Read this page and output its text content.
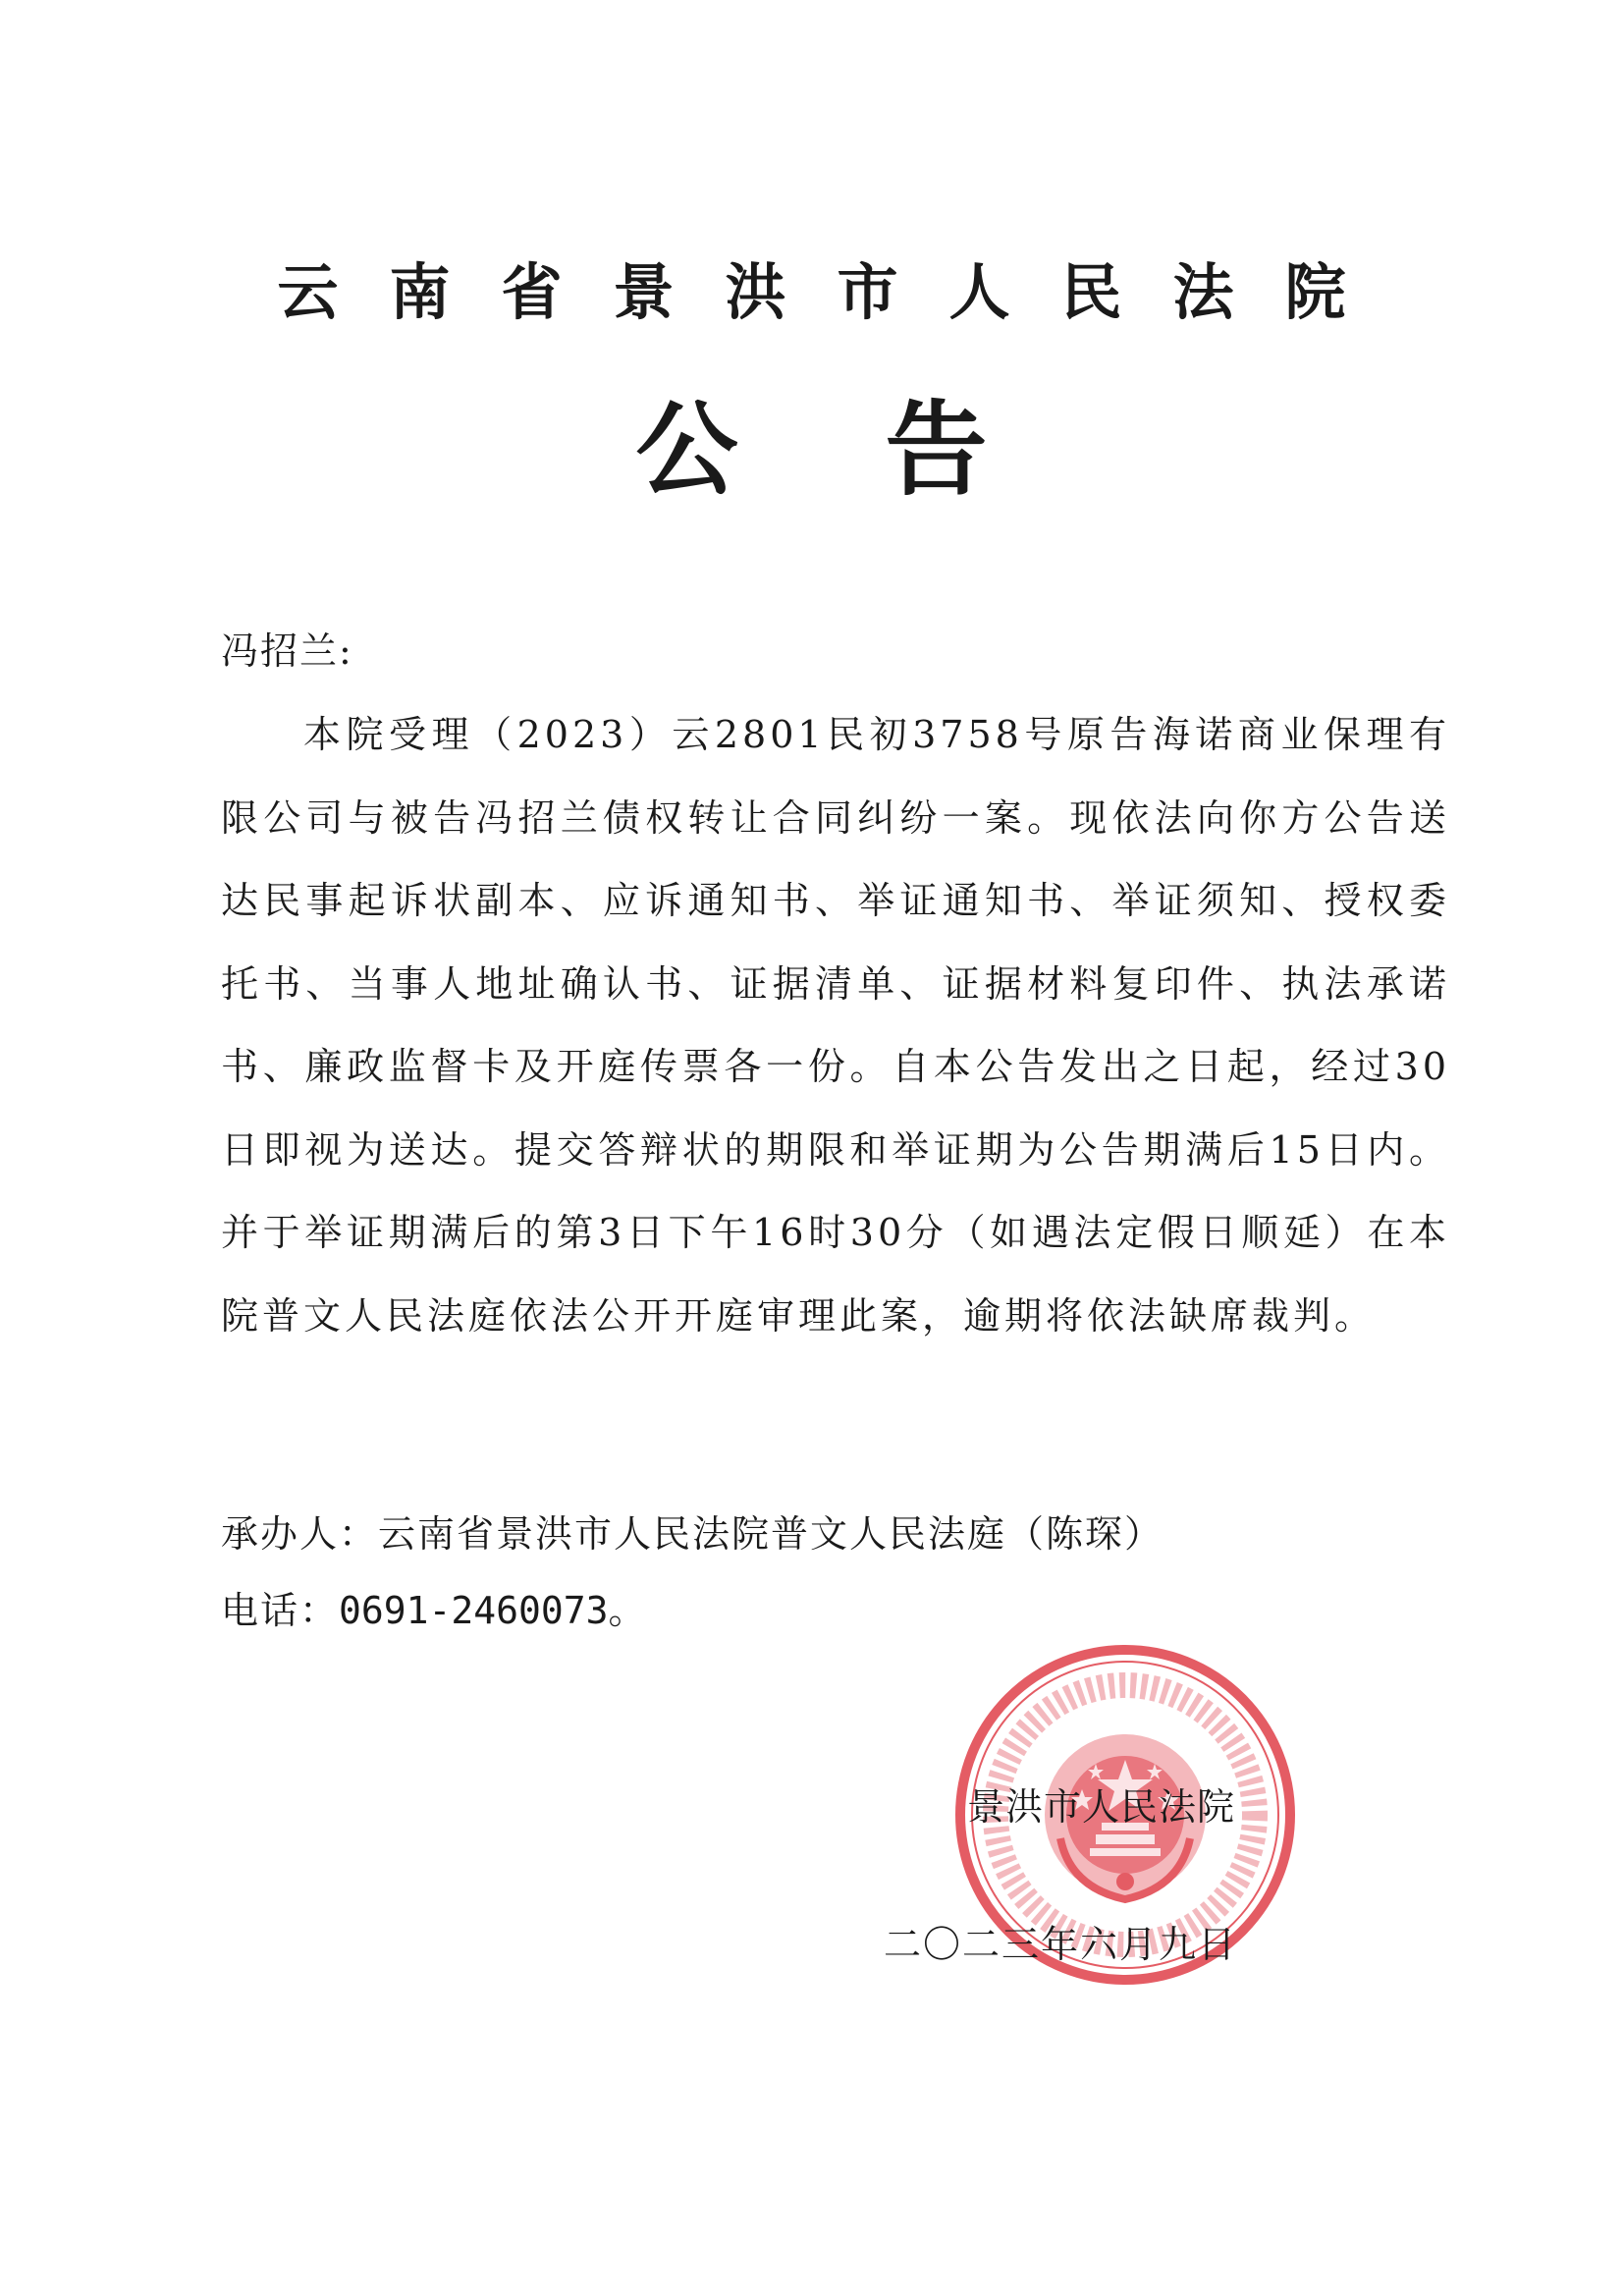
云南省景洪市人民法院
公告
冯招兰:

本院受理（2023）云2801民初3758号原告海诺商业保理有限公司与被告冯招兰债权转让合同纠纷一案。现依法向你方公告送达民事起诉状副本、应诉通知书、举证通知书、举证须知、授权委托书、当事人地址确认书、证据清单、证据材料复印件、执法承诺书、廉政监督卡及开庭传票各一份。自本公告发出之日起，经过30日即视为送达。提交答辩状的期限和举证期为公告期满后15日内。并于举证期满后的第3日下午16时30分（如遇法定假日顺延）在本院普文人民法庭依法公开开庭审理此案，逾期将依法缺席裁判。

承办人：云南省景洪市人民法院普文人民法庭（陈琛）
电话：0691-2460073。
景洪市人民法院
二〇二三年六月九日
